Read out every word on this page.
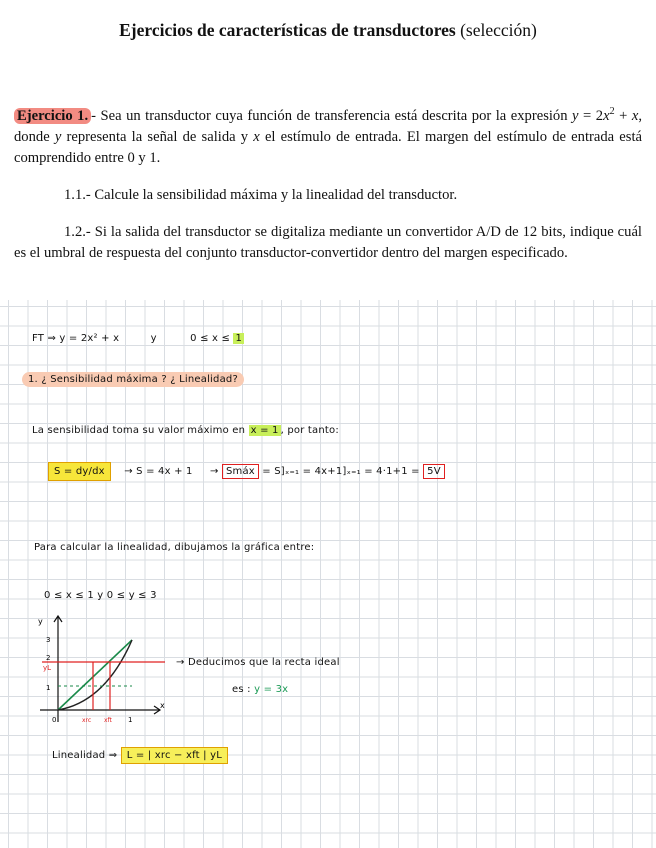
Ejercicios de características de transductores (selección)
Ejercicio 1. - Sea un transductor cuya función de transferencia está descrita por la expresión $y = 2x^2 + x$, donde y representa la señal de salida y x el estímulo de entrada. El margen del estímulo de entrada está comprendido entre 0 y 1.
1.1.- Calcule la sensibilidad máxima y la linealidad del transductor.
1.2.- Si la salida del transductor se digitaliza mediante un convertidor A/D de 12 bits, indique cuál es el umbral de respuesta del conjunto transductor-convertidor dentro del margen especificado.
FT ⇒ y = 2x² + x	y	0 ≤ x ≤ 1
1. ¿ Sensibilidad máxima ? ¿ Linealidad?
La sensibilidad toma su valor máximo en x = 1 , por tanto:
S = dy/dx → S = 4x + 1 → Smáx = S]ₓ₌₁ = 4x+1]ₓ₌₁ = 4·1+1 = 5V
Para calcular la linealidad, dibujamos la gráfica entre:
0 ≤ x ≤ 1 y 0 ≤ y ≤ 3
y
x
3
2
yL
1
0	xrc xft 1
→ Deducimos que la recta ideal
es : y = 3x
Linealidad ⇒ L = | xrc − xft | yL
